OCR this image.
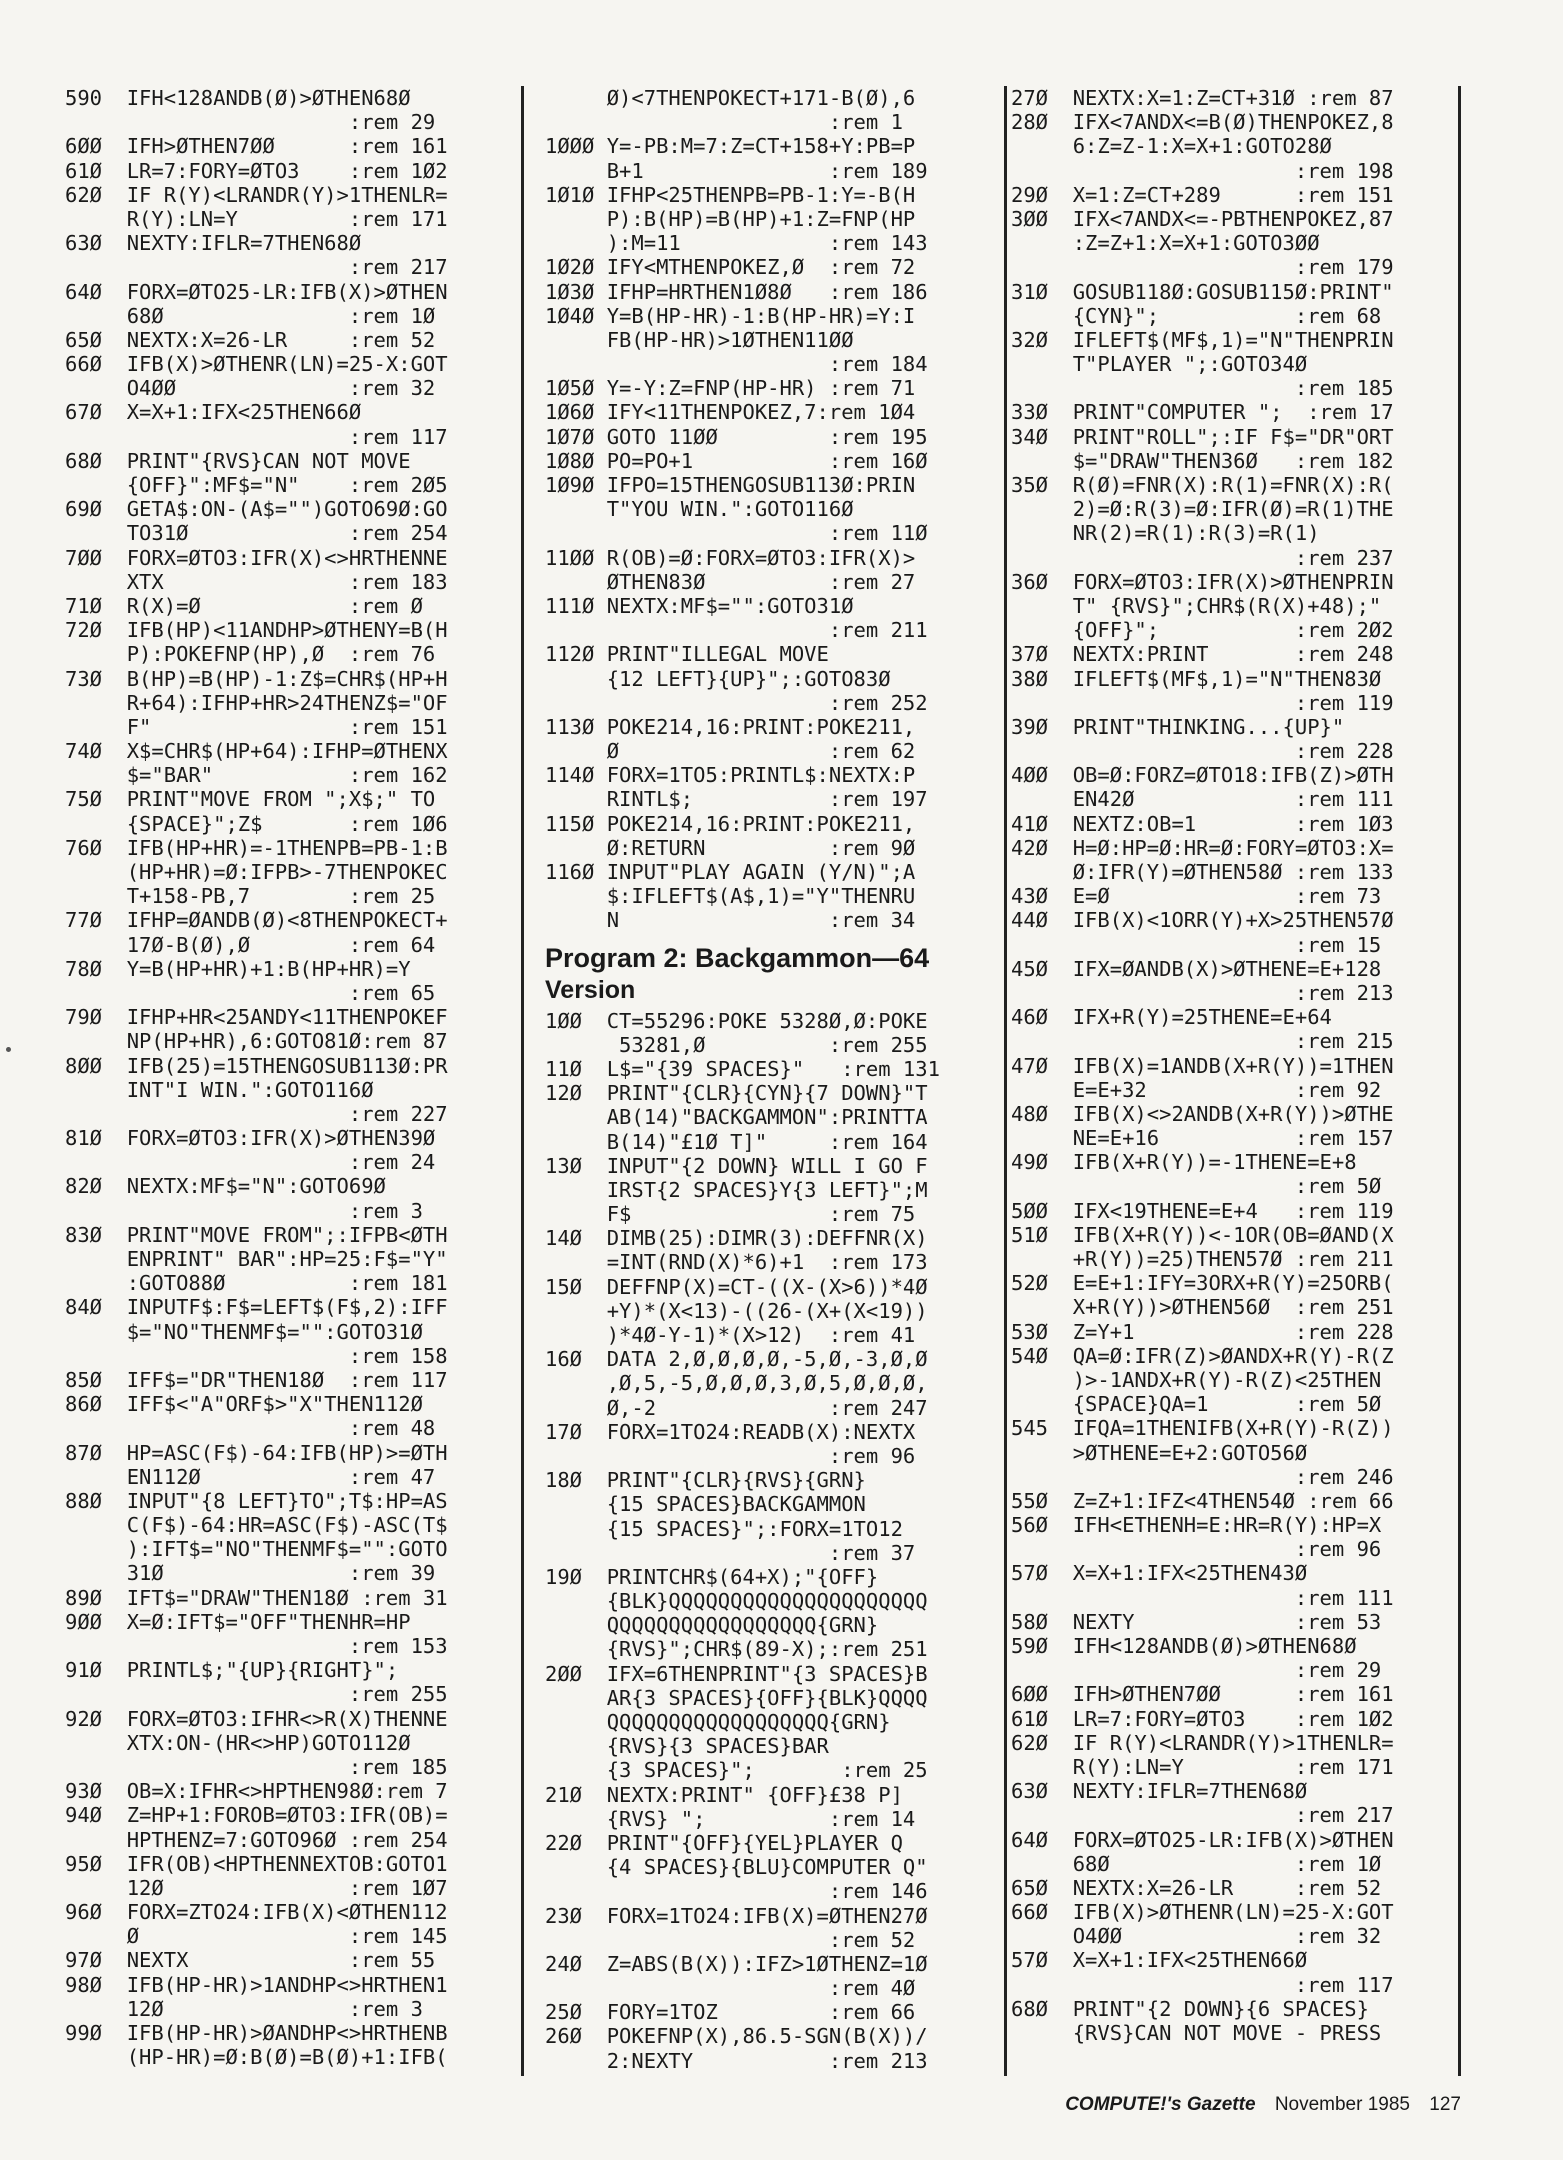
590  IFH<128ANDB(Ø)>ØTHEN68Ø
:rem 29
6ØØ  IFH>ØTHEN7ØØ      :rem 161
61Ø  LR=7:FORY=ØTO3    :rem 1Ø2
62Ø  IF R(Y)<LRANDR(Y)>1THENLR=
R(Y):LN=Y         :rem 171
63Ø  NEXTY:IFLR=7THEN68Ø
:rem 217
64Ø  FORX=ØTO25-LR:IFB(X)>ØTHEN
68Ø               :rem 1Ø
65Ø  NEXTX:X=26-LR     :rem 52
66Ø  IFB(X)>ØTHENR(LN)=25-X:GOT
O4ØØ              :rem 32
67Ø  X=X+1:IFX<25THEN66Ø
:rem 117
68Ø  PRINT"{RVS}CAN NOT MOVE
{OFF}":MF$="N"    :rem 2Ø5
69Ø  GETA$:ON-(A$="")GOTO69Ø:GO
TO31Ø             :rem 254
7ØØ  FORX=ØTO3:IFR(X)<>HRTHENNE
XTX               :rem 183
71Ø  R(X)=Ø            :rem Ø
72Ø  IFB(HP)<11ANDHP>ØTHENY=B(H
P):POKEFNP(HP),Ø  :rem 76
73Ø  B(HP)=B(HP)-1:Z$=CHR$(HP+H
R+64):IFHP+HR>24THENZ$="OF
F"                :rem 151
74Ø  X$=CHR$(HP+64):IFHP=ØTHENX
$="BAR"           :rem 162
75Ø  PRINT"MOVE FROM ";X$;" TO
{SPACE}";Z$       :rem 1Ø6
76Ø  IFB(HP+HR)=-1THENPB=PB-1:B
(HP+HR)=Ø:IFPB>-7THENPOKEC
T+158-PB,7        :rem 25
77Ø  IFHP=ØANDB(Ø)<8THENPOKECT+
17Ø-B(Ø),Ø        :rem 64
78Ø  Y=B(HP+HR)+1:B(HP+HR)=Y
:rem 65
79Ø  IFHP+HR<25ANDY<11THENPOKEF
NP(HP+HR),6:GOTO81Ø:rem 87
8ØØ  IFB(25)=15THENGOSUB113Ø:PR
INT"I WIN.":GOTO116Ø
:rem 227
81Ø  FORX=ØTO3:IFR(X)>ØTHEN39Ø
:rem 24
82Ø  NEXTX:MF$="N":GOTO69Ø
:rem 3
83Ø  PRINT"MOVE FROM";:IFPB<ØTH
ENPRINT" BAR":HP=25:F$="Y"
:GOTO88Ø          :rem 181
84Ø  INPUTF$:F$=LEFT$(F$,2):IFF
$="NO"THENMF$="":GOTO31Ø
:rem 158
85Ø  IFF$="DR"THEN18Ø  :rem 117
86Ø  IFF$<"A"ORF$>"X"THEN112Ø
:rem 48
87Ø  HP=ASC(F$)-64:IFB(HP)>=ØTH
EN112Ø            :rem 47
88Ø  INPUT"{8 LEFT}TO";T$:HP=AS
C(F$)-64:HR=ASC(F$)-ASC(T$
):IFT$="NO"THENMF$="":GOTO
31Ø               :rem 39
89Ø  IFT$="DRAW"THEN18Ø :rem 31
9ØØ  X=Ø:IFT$="OFF"THENHR=HP
:rem 153
91Ø  PRINTL$;"{UP}{RIGHT}";
:rem 255
92Ø  FORX=ØTO3:IFHR<>R(X)THENNE
XTX:ON-(HR<>HP)GOTO112Ø
:rem 185
93Ø  OB=X:IFHR<>HPTHEN98Ø:rem 7
94Ø  Z=HP+1:FOROB=ØTO3:IFR(OB)=
HPTHENZ=7:GOTO96Ø :rem 254
95Ø  IFR(OB)<HPTHENNEXTOB:GOTO1
12Ø               :rem 1Ø7
96Ø  FORX=ZTO24:IFB(X)<ØTHEN112
Ø                 :rem 145
97Ø  NEXTX             :rem 55
98Ø  IFB(HP-HR)>1ANDHP<>HRTHEN1
12Ø               :rem 3
99Ø  IFB(HP-HR)>ØANDHP<>HRTHENB
(HP-HR)=Ø:B(Ø)=B(Ø)+1:IFB(
Ø)<7THENPOKECT+171-B(Ø),6
:rem 1
1ØØØ Y=-PB:M=7:Z=CT+158+Y:PB=P
B+1               :rem 189
1Ø1Ø IFHP<25THENPB=PB-1:Y=-B(H
P):B(HP)=B(HP)+1:Z=FNP(HP
):M=11            :rem 143
1Ø2Ø IFY<MTHENPOKEZ,Ø  :rem 72
1Ø3Ø IFHP=HRTHEN1Ø8Ø   :rem 186
1Ø4Ø Y=B(HP-HR)-1:B(HP-HR)=Y:I
FB(HP-HR)>1ØTHEN11ØØ
:rem 184
1Ø5Ø Y=-Y:Z=FNP(HP-HR) :rem 71
1Ø6Ø IFY<11THENPOKEZ,7:rem 1Ø4
1Ø7Ø GOTO 11ØØ         :rem 195
1Ø8Ø PO=PO+1           :rem 16Ø
1Ø9Ø IFPO=15THENGOSUB113Ø:PRIN
T"YOU WIN.":GOTO116Ø
:rem 11Ø
11ØØ R(OB)=Ø:FORX=ØTO3:IFR(X)>
ØTHEN83Ø          :rem 27
111Ø NEXTX:MF$="":GOTO31Ø
:rem 211
112Ø PRINT"ILLEGAL MOVE
{12 LEFT}{UP}";:GOTO83Ø
:rem 252
113Ø POKE214,16:PRINT:POKE211,
Ø                 :rem 62
114Ø FORX=1TO5:PRINTL$:NEXTX:P
RINTL$;           :rem 197
115Ø POKE214,16:PRINT:POKE211,
Ø:RETURN          :rem 9Ø
116Ø INPUT"PLAY AGAIN (Y/N)";A
$:IFLEFT$(A$,1)="Y"THENRU
N                 :rem 34
Program 2: Backgammon—64
Version
1ØØ  CT=55296:POKE 5328Ø,Ø:POKE
53281,Ø          :rem 255
11Ø  L$="{39 SPACES}"   :rem 131
12Ø  PRINT"{CLR}{CYN}{7 DOWN}"T
AB(14)"BACKGAMMON":PRINTTA
B(14)"£1Ø T]"     :rem 164
13Ø  INPUT"{2 DOWN} WILL I GO F
IRST{2 SPACES}Y{3 LEFT}";M
F$                :rem 75
14Ø  DIMB(25):DIMR(3):DEFFNR(X)
=INT(RND(X)*6)+1  :rem 173
15Ø  DEFFNP(X)=CT-((X-(X>6))*4Ø
+Y)*(X<13)-((26-(X+(X<19))
)*4Ø-Y-1)*(X>12)  :rem 41
16Ø  DATA 2,Ø,Ø,Ø,Ø,-5,Ø,-3,Ø,Ø
,Ø,5,-5,Ø,Ø,Ø,3,Ø,5,Ø,Ø,Ø,
Ø,-2              :rem 247
17Ø  FORX=1TO24:READB(X):NEXTX
:rem 96
18Ø  PRINT"{CLR}{RVS}{GRN}
{15 SPACES}BACKGAMMON
{15 SPACES}";:FORX=1TO12
:rem 37
19Ø  PRINTCHR$(64+X);"{OFF}
{BLK}QQQQQQQQQQQQQQQQQQQQQ
QQQQQQQQQQQQQQQQQ{GRN}
{RVS}";CHR$(89-X);:rem 251
2ØØ  IFX=6THENPRINT"{3 SPACES}B
AR{3 SPACES}{OFF}{BLK}QQQQ
QQQQQQQQQQQQQQQQQQ{GRN}
{RVS}{3 SPACES}BAR
{3 SPACES}";       :rem 25
21Ø  NEXTX:PRINT" {OFF}£38 P]
{RVS} ";          :rem 14
22Ø  PRINT"{OFF}{YEL}PLAYER Q
{4 SPACES}{BLU}COMPUTER Q"
:rem 146
23Ø  FORX=1TO24:IFB(X)=ØTHEN27Ø
:rem 52
24Ø  Z=ABS(B(X)):IFZ>1ØTHENZ=1Ø
:rem 4Ø
25Ø  FORY=1TOZ         :rem 66
26Ø  POKEFNP(X),86.5-SGN(B(X))/
2:NEXTY           :rem 213
27Ø  NEXTX:X=1:Z=CT+31Ø :rem 87
28Ø  IFX<7ANDX<=B(Ø)THENPOKEZ,8
6:Z=Z-1:X=X+1:GOTO28Ø
:rem 198
29Ø  X=1:Z=CT+289      :rem 151
3ØØ  IFX<7ANDX<=-PBTHENPOKEZ,87
:Z=Z+1:X=X+1:GOTO3ØØ
:rem 179
31Ø  GOSUB118Ø:GOSUB115Ø:PRINT"
{CYN}";           :rem 68
32Ø  IFLEFT$(MF$,1)="N"THENPRIN
T"PLAYER ";:GOTO34Ø
:rem 185
33Ø  PRINT"COMPUTER ";  :rem 17
34Ø  PRINT"ROLL";:IF F$="DR"ORT
$="DRAW"THEN36Ø   :rem 182
35Ø  R(Ø)=FNR(X):R(1)=FNR(X):R(
2)=Ø:R(3)=Ø:IFR(Ø)=R(1)THE
NR(2)=R(1):R(3)=R(1)
:rem 237
36Ø  FORX=ØTO3:IFR(X)>ØTHENPRIN
T" {RVS}";CHR$(R(X)+48);"
{OFF}";           :rem 2Ø2
37Ø  NEXTX:PRINT       :rem 248
38Ø  IFLEFT$(MF$,1)="N"THEN83Ø
:rem 119
39Ø  PRINT"THINKING...{UP}"
:rem 228
4ØØ  OB=Ø:FORZ=ØTO18:IFB(Z)>ØTH
EN42Ø             :rem 111
41Ø  NEXTZ:OB=1        :rem 1Ø3
42Ø  H=Ø:HP=Ø:HR=Ø:FORY=ØTO3:X=
Ø:IFR(Y)=ØTHEN58Ø :rem 133
43Ø  E=Ø               :rem 73
44Ø  IFB(X)<1ORR(Y)+X>25THEN57Ø
:rem 15
45Ø  IFX=ØANDB(X)>ØTHENE=E+128
:rem 213
46Ø  IFX+R(Y)=25THENE=E+64
:rem 215
47Ø  IFB(X)=1ANDB(X+R(Y))=1THEN
E=E+32            :rem 92
48Ø  IFB(X)<>2ANDB(X+R(Y))>ØTHE
NE=E+16           :rem 157
49Ø  IFB(X+R(Y))=-1THENE=E+8
:rem 5Ø
5ØØ  IFX<19THENE=E+4   :rem 119
51Ø  IFB(X+R(Y))<-1OR(OB=ØAND(X
+R(Y))=25)THEN57Ø :rem 211
52Ø  E=E+1:IFY=3ORX+R(Y)=25ORB(
X+R(Y))>ØTHEN56Ø  :rem 251
53Ø  Z=Y+1             :rem 228
54Ø  QA=Ø:IFR(Z)>ØANDX+R(Y)-R(Z
)>-1ANDX+R(Y)-R(Z)<25THEN
{SPACE}QA=1       :rem 5Ø
545  IFQA=1THENIFB(X+R(Y)-R(Z))
>ØTHENE=E+2:GOTO56Ø
:rem 246
55Ø  Z=Z+1:IFZ<4THEN54Ø :rem 66
56Ø  IFH<ETHENH=E:HR=R(Y):HP=X
:rem 96
57Ø  X=X+1:IFX<25THEN43Ø
:rem 111
58Ø  NEXTY             :rem 53
59Ø  IFH<128ANDB(Ø)>ØTHEN68Ø
:rem 29
6ØØ  IFH>ØTHEN7ØØ      :rem 161
61Ø  LR=7:FORY=ØTO3    :rem 1Ø2
62Ø  IF R(Y)<LRANDR(Y)>1THENLR=
R(Y):LN=Y         :rem 171
63Ø  NEXTY:IFLR=7THEN68Ø
:rem 217
64Ø  FORX=ØTO25-LR:IFB(X)>ØTHEN
68Ø               :rem 1Ø
65Ø  NEXTX:X=26-LR     :rem 52
66Ø  IFB(X)>ØTHENR(LN)=25-X:GOT
O4ØØ              :rem 32
57Ø  X=X+1:IFX<25THEN66Ø
:rem 117
68Ø  PRINT"{2 DOWN}{6 SPACES}
{RVS}CAN NOT MOVE - PRESS
COMPUTE!'s Gazette November 1985 127
